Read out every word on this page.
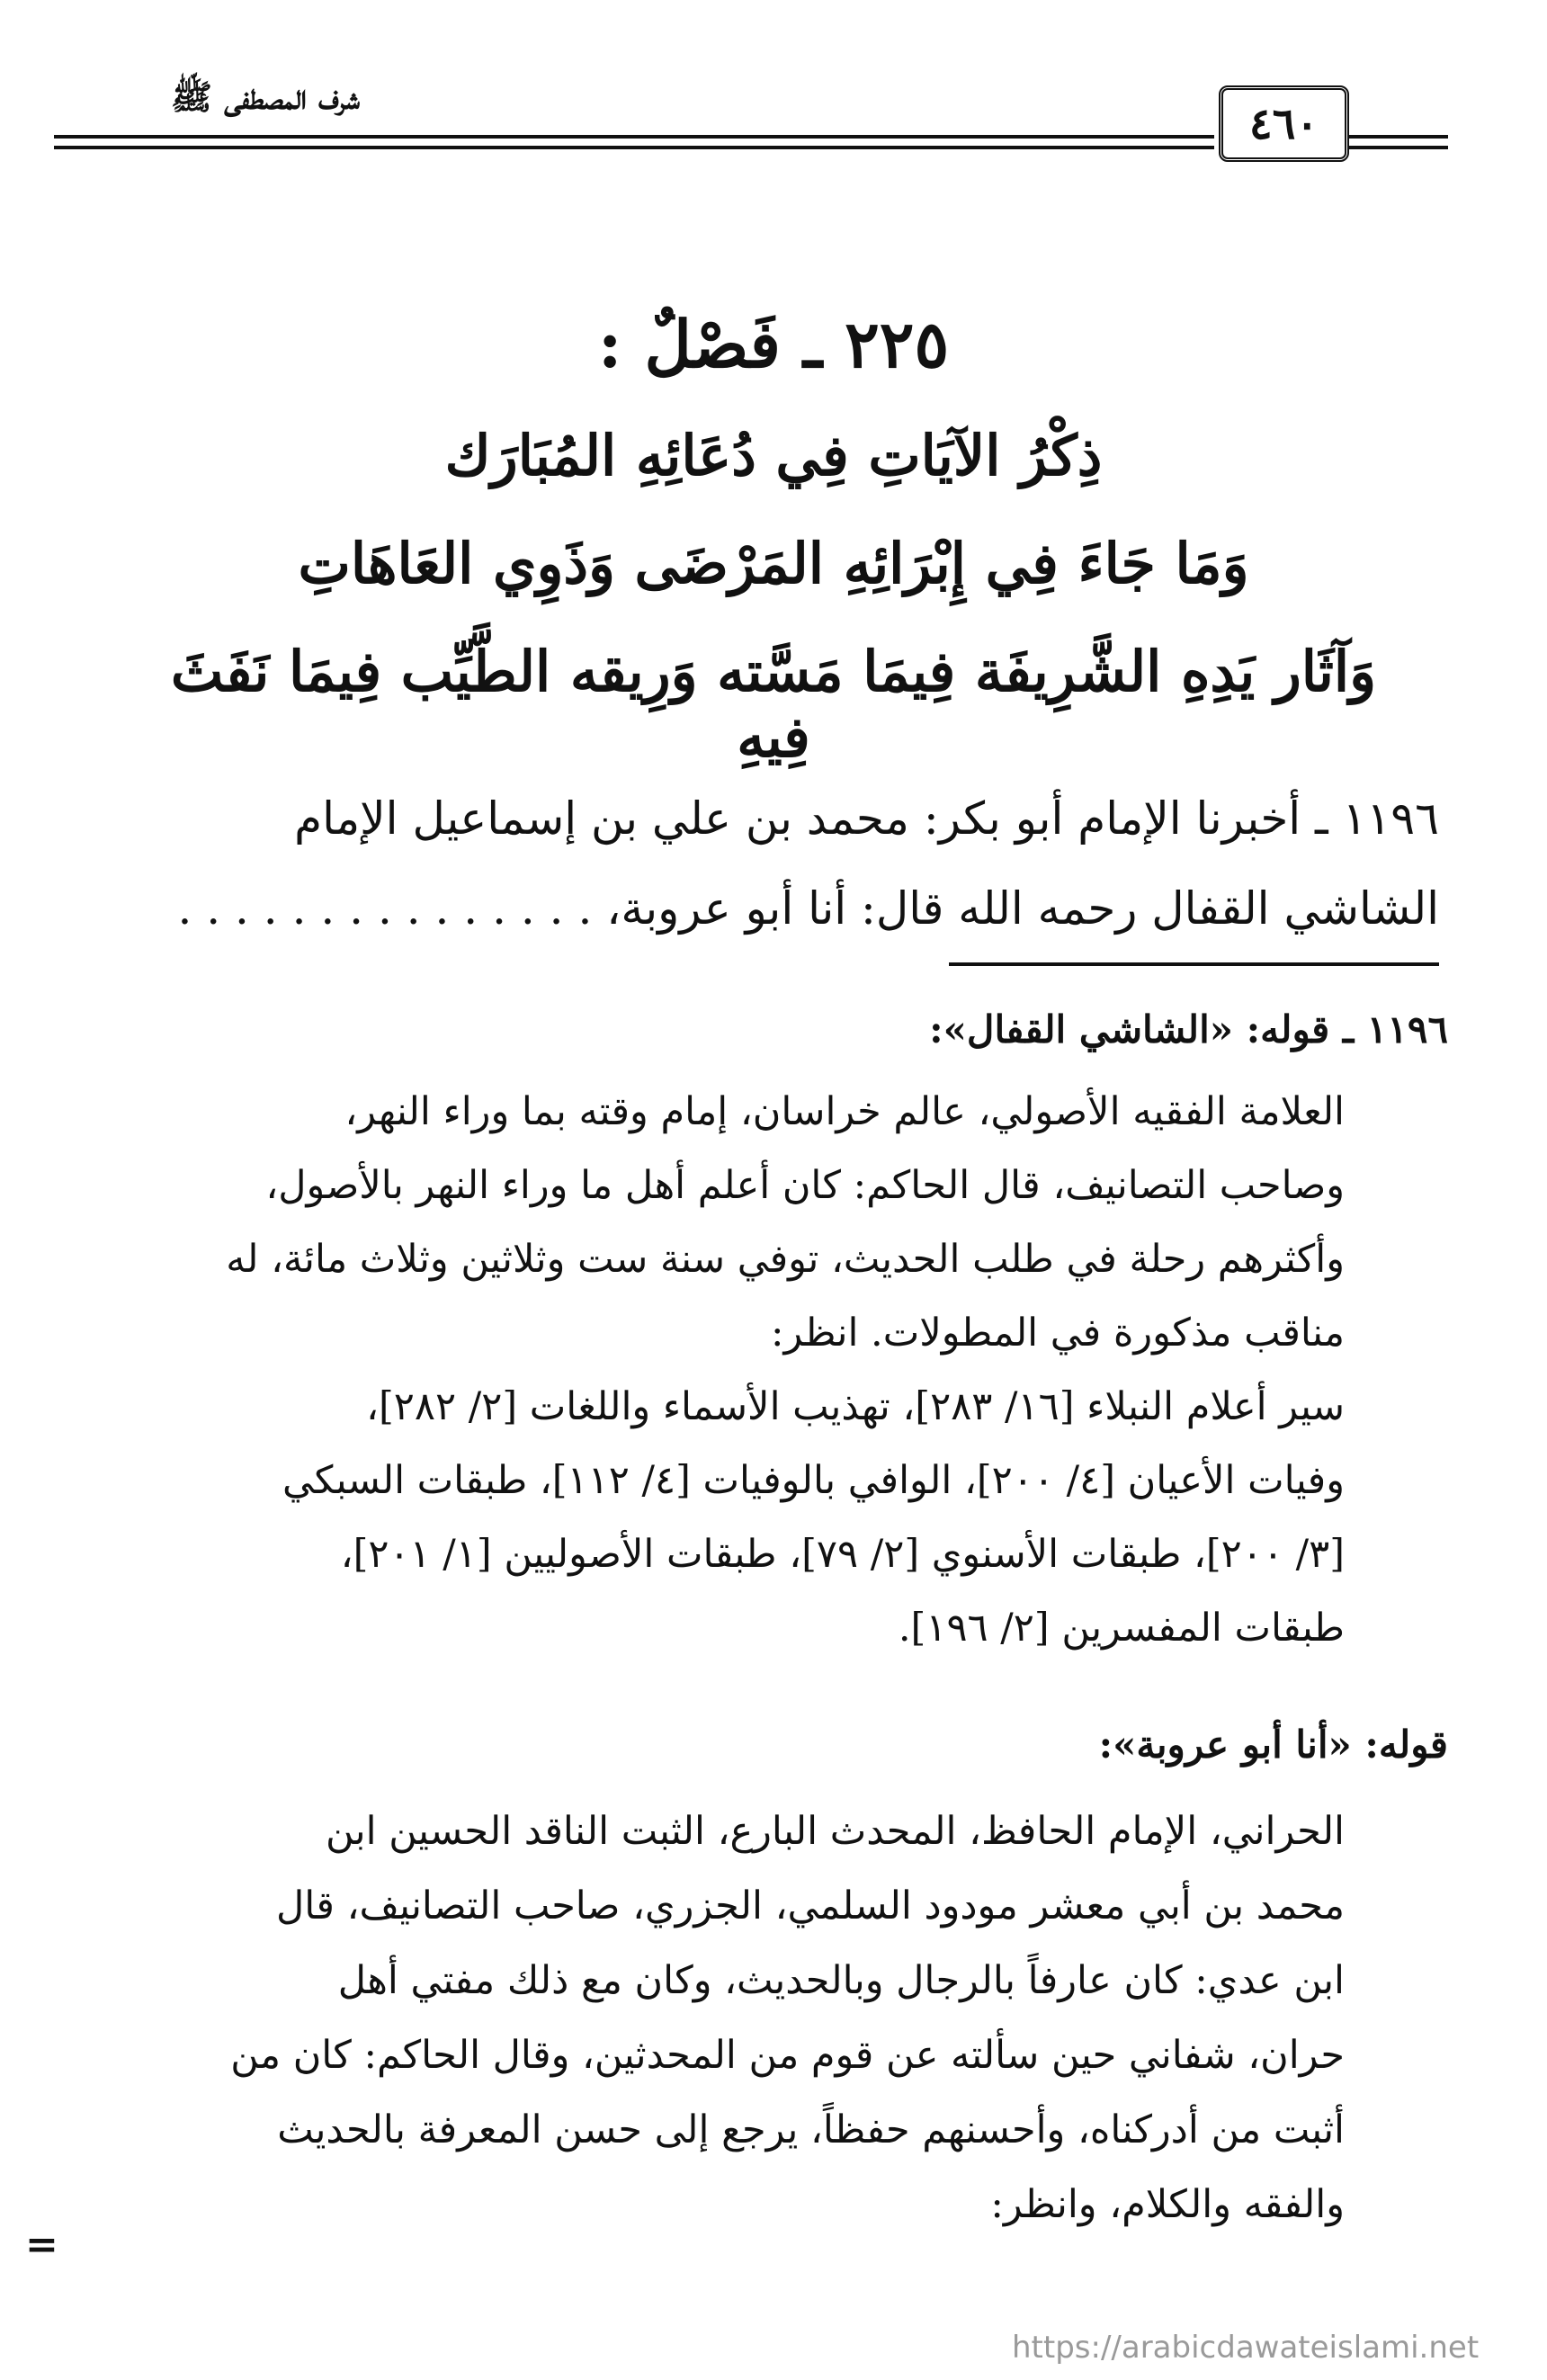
شرف المصطفى ﷺ
٤٦٠
٢٢٥ ـ فَصْلٌ :
ذِكْرُ الآيَاتِ فِي دُعَائِهِ المُبَارَك
وَمَا جَاءَ فِي إِبْرَائِهِ المَرْضَى وَذَوِي العَاهَاتِ
وَآثَار يَدِهِ الشَّرِيفَة فِيمَا مَسَّته وَرِيقه الطَّيِّب فِيمَا نَفَثَ فِيهِ
١١٩٦ ـ أخبرنا الإمام أبو بكر: محمد بن علي بن إسماعيل الإمام
الشاشي القفال رحمه الله قال: أنا أبو عروبة، . . . . . . . . . . . . . . .
١١٩٦ ـ قوله: «الشاشي القفال»:
العلامة الفقيه الأصولي، عالم خراسان، إمام وقته بما وراء النهر،
وصاحب التصانيف، قال الحاكم: كان أعلم أهل ما وراء النهر بالأصول،
وأكثرهم رحلة في طلب الحديث، توفي سنة ست وثلاثين وثلاث مائة، له
مناقب مذكورة في المطولات. انظر:
سير أعلام النبلاء [١٦/ ٢٨٣]، تهذيب الأسماء واللغات [٢/ ٢٨٢]،
وفيات الأعيان [٤/ ٢٠٠]، الوافي بالوفيات [٤/ ١١٢]، طبقات السبكي
[٣/ ٢٠٠]، طبقات الأسنوي [٢/ ٧٩]، طبقات الأصوليين [١/ ٢٠١]،
طبقات المفسرين [٢/ ١٩٦].
قوله: «أنا أبو عروبة»:
الحراني، الإمام الحافظ، المحدث البارع، الثبت الناقد الحسين ابن
محمد بن أبي معشر مودود السلمي، الجزري، صاحب التصانيف، قال
ابن عدي: كان عارفاً بالرجال وبالحديث، وكان مع ذلك مفتي أهل
حران، شفاني حين سألته عن قوم من المحدثين، وقال الحاكم: كان من
أثبت من أدركناه، وأحسنهم حفظاً، يرجع إلى حسن المعرفة بالحديث
والفقه والكلام، وانظر:
=
https://arabicdawateislami.net
